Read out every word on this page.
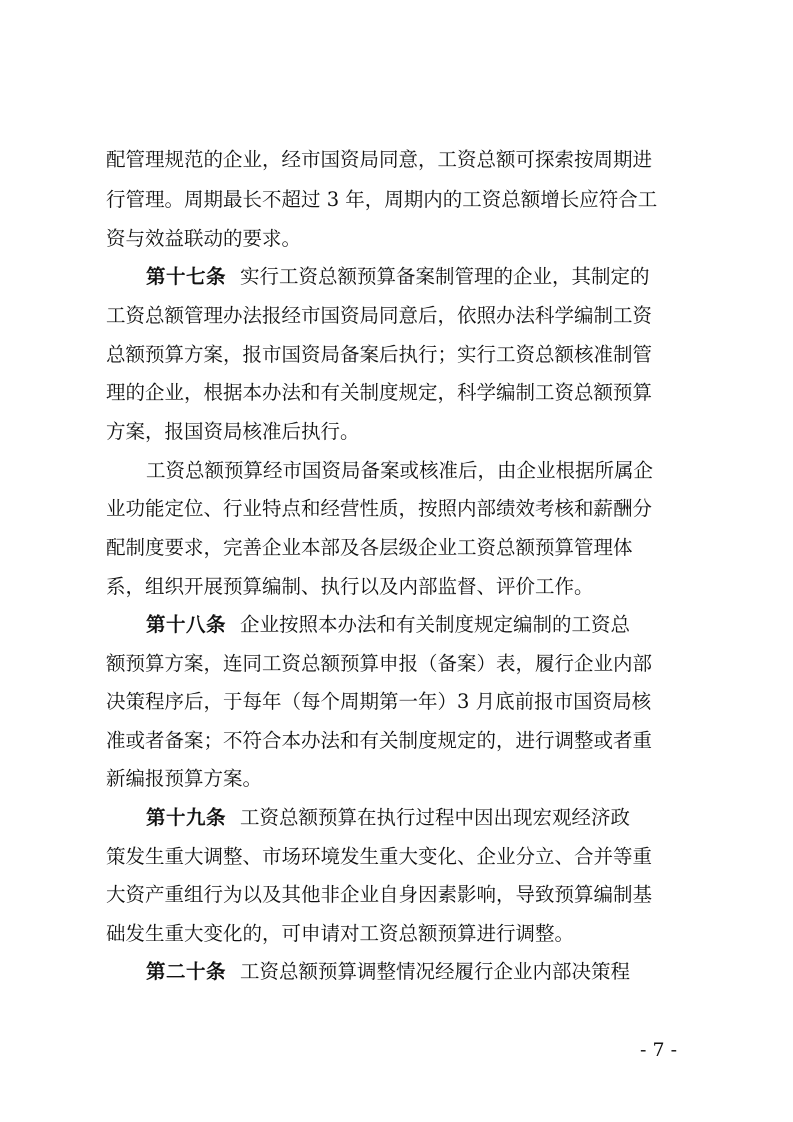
配管理规范的企业，经市国资局同意，工资总额可探索按周期进
行管理。周期最长不超过 3 年，周期内的工资总额增长应符合工
资与效益联动的要求。
第十七条 实行工资总额预算备案制管理的企业，其制定的
工资总额管理办法报经市国资局同意后，依照办法科学编制工资
总额预算方案，报市国资局备案后执行；实行工资总额核准制管
理的企业，根据本办法和有关制度规定，科学编制工资总额预算
方案，报国资局核准后执行。
工资总额预算经市国资局备案或核准后，由企业根据所属企
业功能定位、行业特点和经营性质，按照内部绩效考核和薪酬分
配制度要求，完善企业本部及各层级企业工资总额预算管理体
系，组织开展预算编制、执行以及内部监督、评价工作。
第十八条 企业按照本办法和有关制度规定编制的工资总
额预算方案，连同工资总额预算申报（备案）表，履行企业内部
决策程序后，于每年（每个周期第一年）3 月底前报市国资局核
准或者备案；不符合本办法和有关制度规定的，进行调整或者重
新编报预算方案。
第十九条 工资总额预算在执行过程中因出现宏观经济政
策发生重大调整、市场环境发生重大变化、企业分立、合并等重
大资产重组行为以及其他非企业自身因素影响，导致预算编制基
础发生重大变化的，可申请对工资总额预算进行调整。
第二十条 工资总额预算调整情况经履行企业内部决策程
- 7 -
